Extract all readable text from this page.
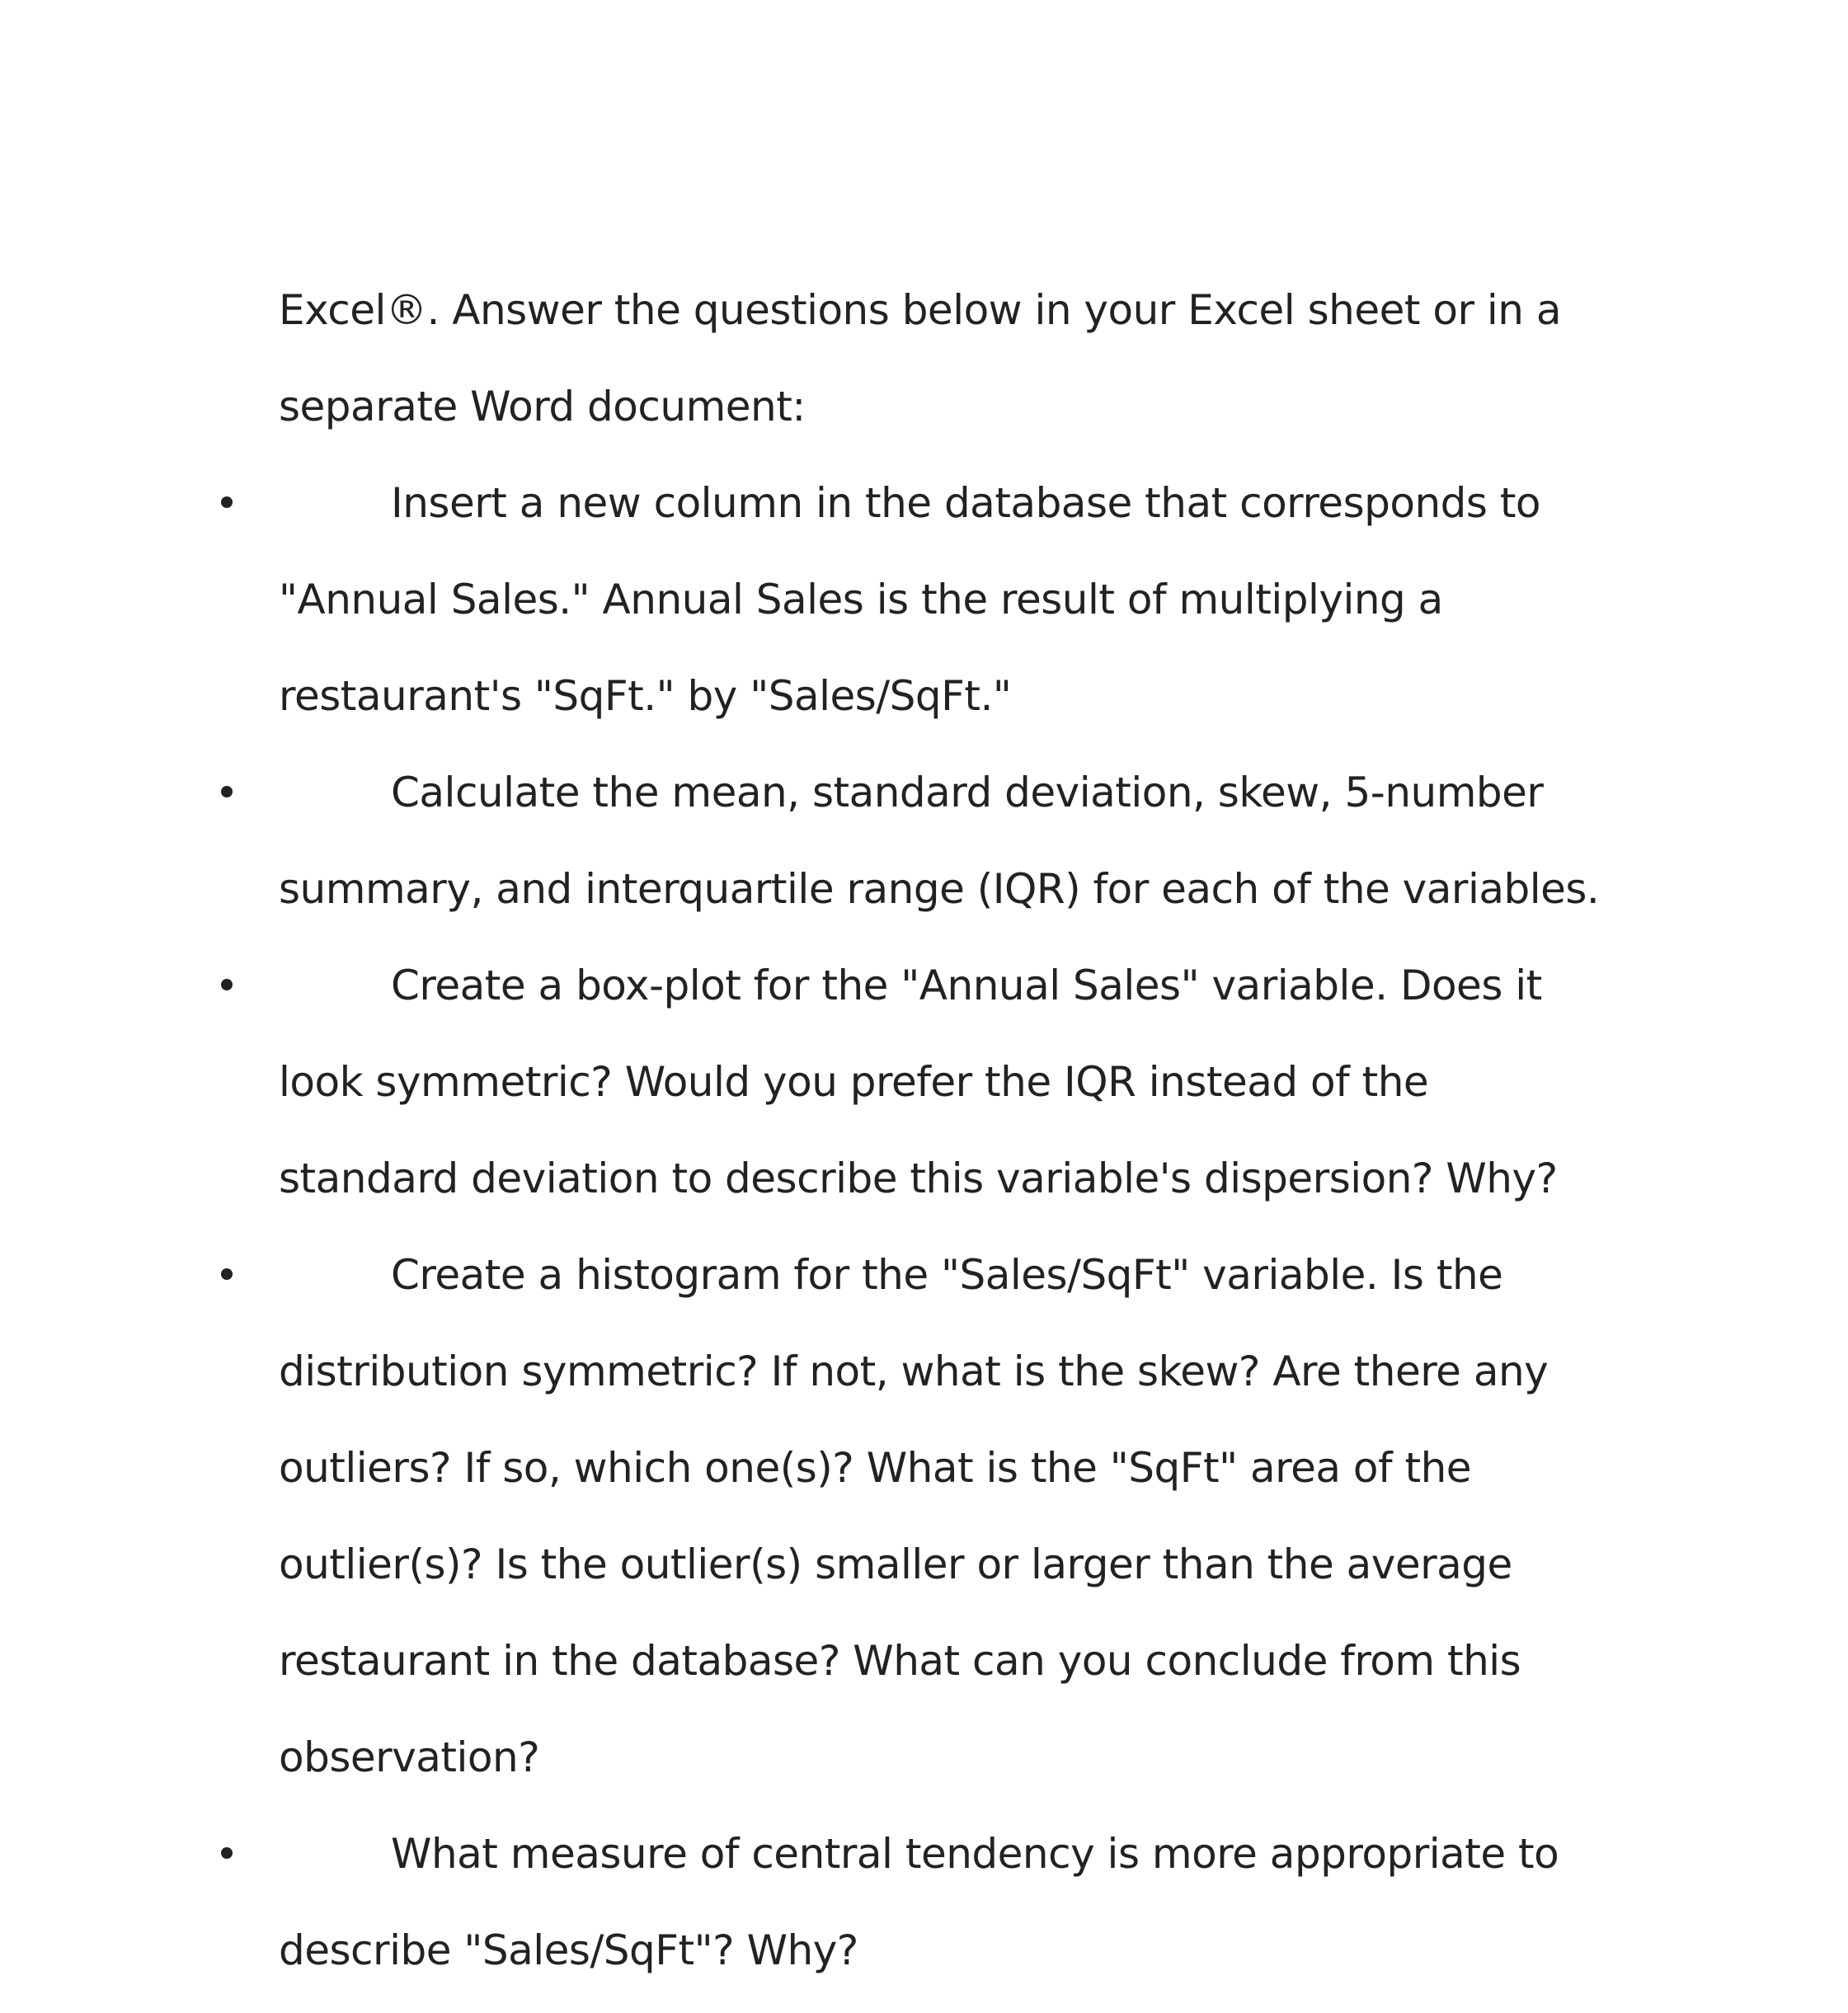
Excel®. Answer the questions below in your Excel sheet or in a separate Word document:

Insert a new column in the database that corresponds to "Annual Sales." Annual Sales is the result of multiplying a restaurant's "SqFt." by "Sales/SqFt."
Calculate the mean, standard deviation, skew, 5-number summary, and interquartile range (IQR) for each of the variables.
Create a box-plot for the "Annual Sales" variable. Does it look symmetric? Would you prefer the IQR instead of the standard deviation to describe this variable's dispersion? Why?
Create a histogram for the "Sales/SqFt" variable. Is the distribution symmetric? If not, what is the skew? Are there any outliers? If so, which one(s)? What is the "SqFt" area of the outlier(s)? Is the outlier(s) smaller or larger than the average restaurant in the database? What can you conclude from this observation?
What measure of central tendency is more appropriate to describe "Sales/SqFt"? Why?
